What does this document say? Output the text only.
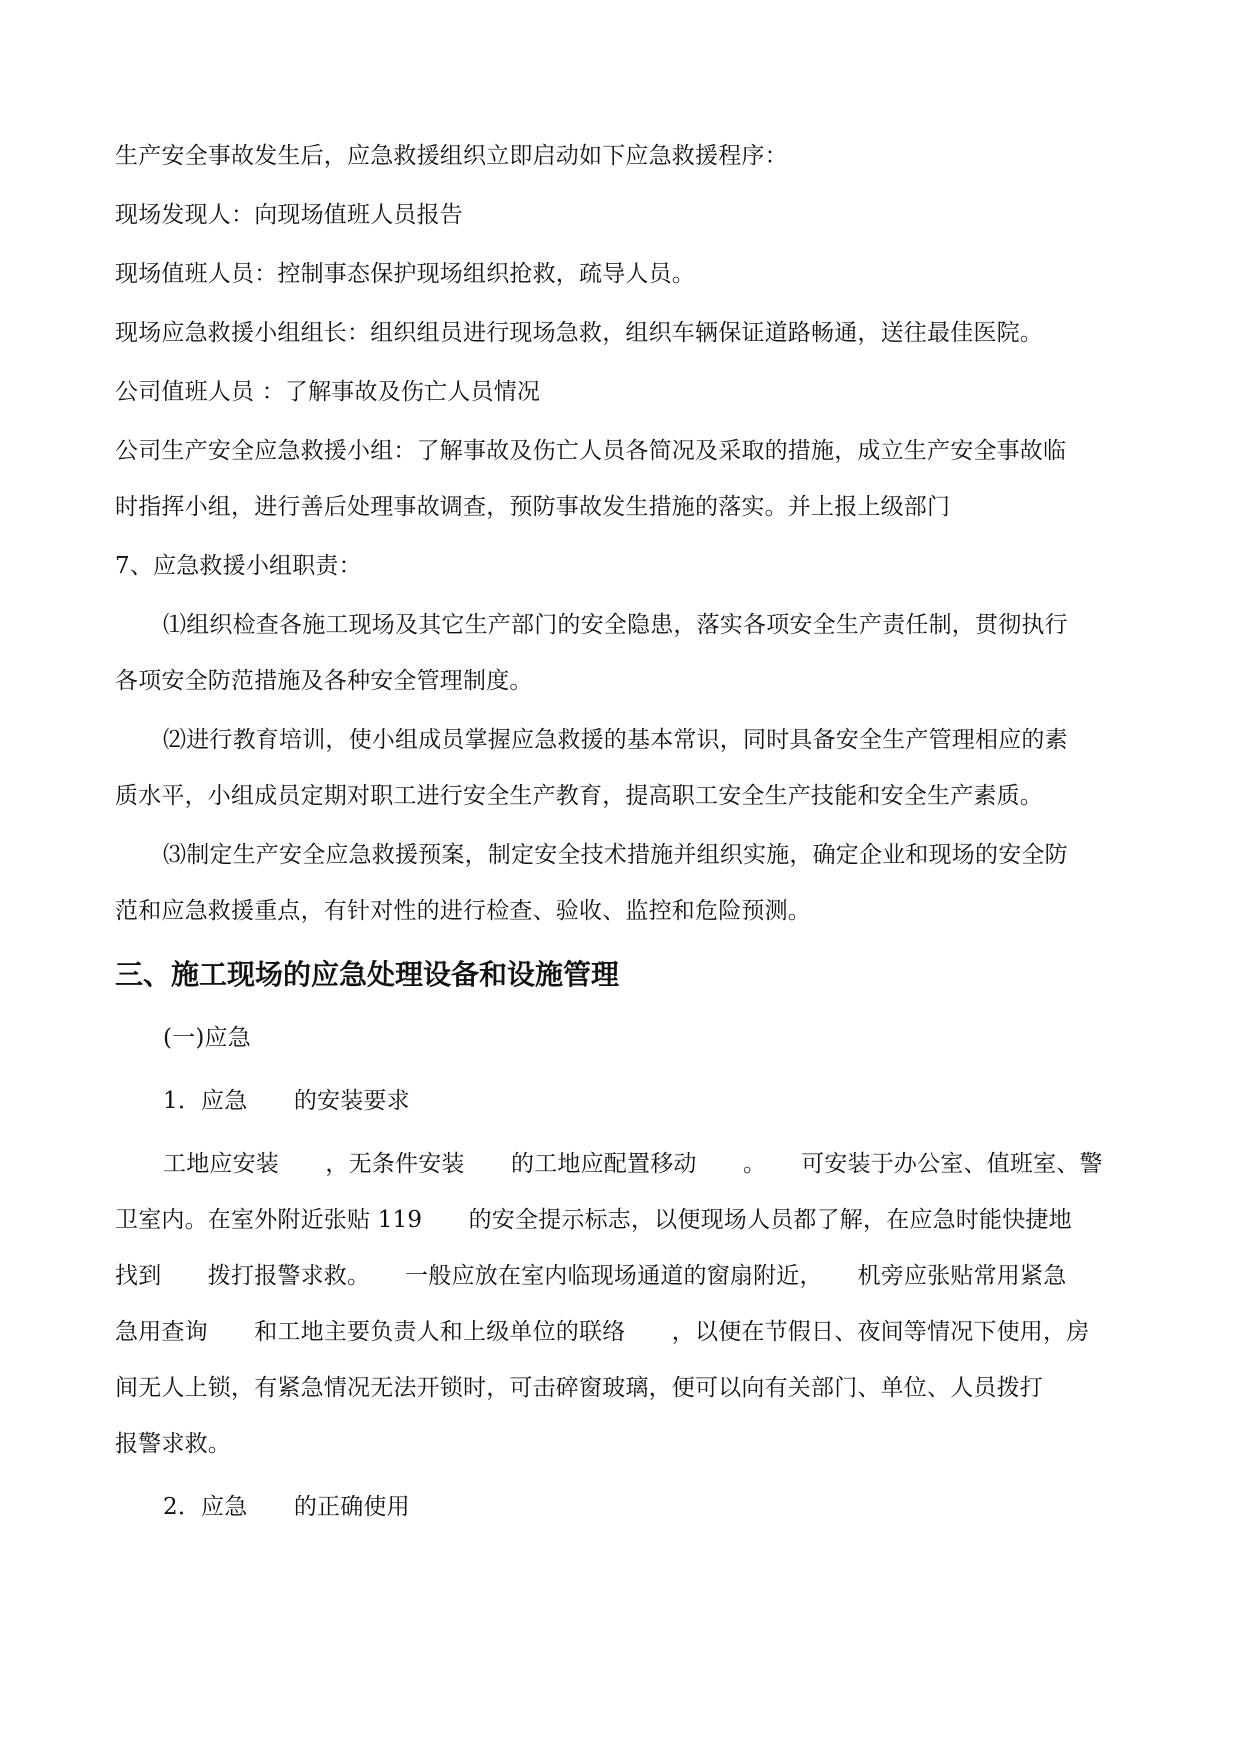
生产安全事故发生后，应急救援组织立即启动如下应急救援程序：
现场发现人：向现场值班人员报告
现场值班人员：控制事态保护现场组织抢救，疏导人员。
现场应急救援小组组长：组织组员进行现场急救，组织车辆保证道路畅通，送往最佳医院。
公司值班人员 ：了解事故及伤亡人员情况
公司生产安全应急救援小组：了解事故及伤亡人员各简况及采取的措施，成立生产安全事故临
时指挥小组，进行善后处理事故调查，预防事故发生措施的落实。并上报上级部门
7、应急救援小组职责：
⑴组织检查各施工现场及其它生产部门的安全隐患，落实各项安全生产责任制，贯彻执行
各项安全防范措施及各种安全管理制度。
⑵进行教育培训，使小组成员掌握应急救援的基本常识，同时具备安全生产管理相应的素
质水平，小组成员定期对职工进行安全生产教育，提高职工安全生产技能和安全生产素质。
⑶制定生产安全应急救援预案，制定安全技术措施并组织实施，确定企业和现场的安全防
范和应急救援重点，有针对性的进行检查、验收、监控和危险预测。
三、施工现场的应急处理设备和设施管理
(一)应急
1．应急　　的安装要求
工地应安装　　，无条件安装　　的工地应配置移动　　。　　可安装于办公室、值班室、警
卫室内。在室外附近张贴 119　　的安全提示标志，以便现场人员都了解，在应急时能快捷地
找到　　拨打报警求救。　　一般应放在室内临现场通道的窗扇附近，　　机旁应张贴常用紧急
急用查询　　和工地主要负责人和上级单位的联络　　，以便在节假日、夜间等情况下使用，房
间无人上锁，有紧急情况无法开锁时，可击碎窗玻璃，便可以向有关部门、单位、人员拨打
报警求救。
2．应急　　的正确使用
